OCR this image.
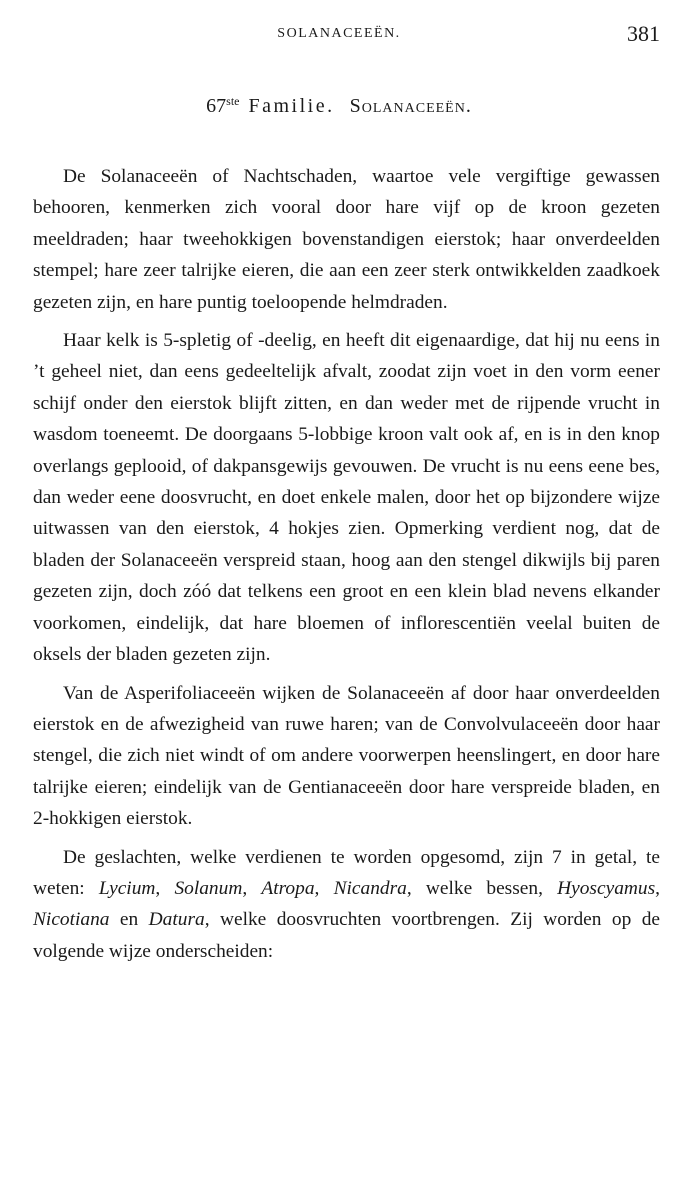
SOLANACEEËN.	381
67ste Familie. Solanaceeën.

De Solanaceeën of Nachtschaden, waartoe vele vergiftige gewassen behooren, kenmerken zich vooral door hare vijf op de kroon gezeten meeldraden; haar tweehokkigen bovenstandigen eierstok; haar onverdeelden stempel; hare zeer talrijke eieren, die aan een zeer sterk ontwikkelden zaadkoek gezeten zijn, en hare puntig toeloopende helmdraden.

Haar kelk is 5-spletig of -deelig, en heeft dit eigenaardige, dat hij nu eens in ’t geheel niet, dan eens gedeeltelijk afvalt, zoodat zijn voet in den vorm eener schijf onder den eierstok blijft zitten, en dan weder met de rijpende vrucht in wasdom toeneemt. De doorgaans 5-lobbige kroon valt ook af, en is in den knop overlangs geplooid, of dakpansgewijs gevouwen. De vrucht is nu eens eene bes, dan weder eene doosvrucht, en doet enkele malen, door het op bijzondere wijze uitwassen van den eierstok, 4 hokjes zien. Opmerking verdient nog, dat de bladen der Solanaceeën verspreid staan, hoog aan den stengel dikwijls bij paren gezeten zijn, doch zóó dat telkens een groot en een klein blad nevens elkander voorkomen, eindelijk, dat hare bloemen of inflorescentiën veelal buiten de oksels der bladen gezeten zijn.

Van de Asperifoliaceeën wijken de Solanaceeën af door haar onverdeelden eierstok en de afwezigheid van ruwe haren; van de Convolvulaceeën door haar stengel, die zich niet windt of om andere voorwerpen heenslingert, en door hare talrijke eieren; eindelijk van de Gentianaceeën door hare verspreide bladen, en 2-hokkigen eierstok.

De geslachten, welke verdienen te worden opgesomd, zijn 7 in getal, te weten: Lycium, Solanum, Atropa, Nicandra, welke bessen, Hyoscyamus, Nicotiana en Datura, welke doosvruchten voortbrengen. Zij worden op de volgende wijze onderscheiden:
